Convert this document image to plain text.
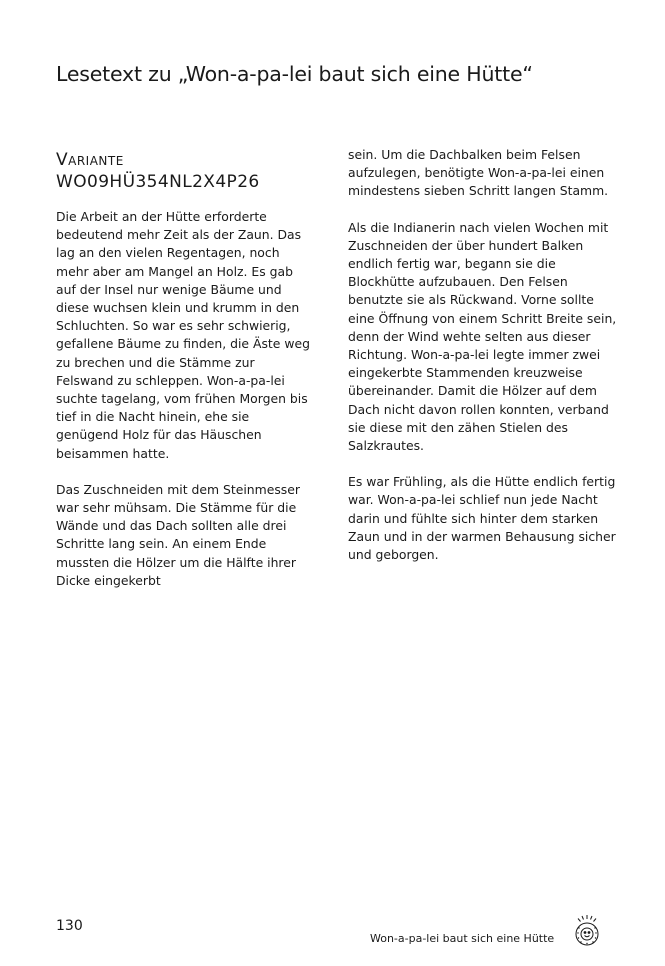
Lesetext zu „Won-a-pa-lei baut sich eine Hütte“
Variante
WO09HÜ354NL2X4P26

Die Arbeit an der Hütte erforderte bedeutend mehr Zeit als der Zaun. Das lag an den vielen Regentagen, noch mehr aber am Mangel an Holz. Es gab auf der Insel nur wenige Bäume und diese wuchsen klein und krumm in den Schluchten. So war es sehr schwierig, gefallene Bäume zu finden, die Äste weg zu brechen und die Stämme zur Felswand zu schleppen. Won-a-pa-lei suchte tagelang, vom frühen Morgen bis tief in die Nacht hinein, ehe sie genügend Holz für das Häuschen beisammen hatte.

Das Zuschneiden mit dem Steinmesser war sehr mühsam. Die Stämme für die Wände und das Dach sollten alle drei Schritte lang sein. An einem Ende mussten die Hölzer um die Hälfte ihrer Dicke eingekerbt

sein. Um die Dachbalken beim Felsen aufzulegen, benötigte Won-a-pa-lei einen mindestens sieben Schritt langen Stamm.

Als die Indianerin nach vielen Wochen mit Zuschneiden der über hundert Balken endlich fertig war, begann sie die Blockhütte aufzubauen. Den Felsen benutzte sie als Rückwand. Vorne sollte eine Öffnung von einem Schritt Breite sein, denn der Wind wehte selten aus dieser Richtung. Won-a-pa-lei legte immer zwei eingekerbte Stammenden kreuzweise übereinander. Damit die Hölzer auf dem Dach nicht davon rollen konnten, verband sie diese mit den zähen Stielen des Salzkrautes.

Es war Frühling, als die Hütte endlich fertig war. Won-a-pa-lei schlief nun jede Nacht darin und fühlte sich hinter dem starken Zaun und in der warmen Behausung sicher und geborgen.

130
Won-a-pa-lei baut sich eine Hütte
